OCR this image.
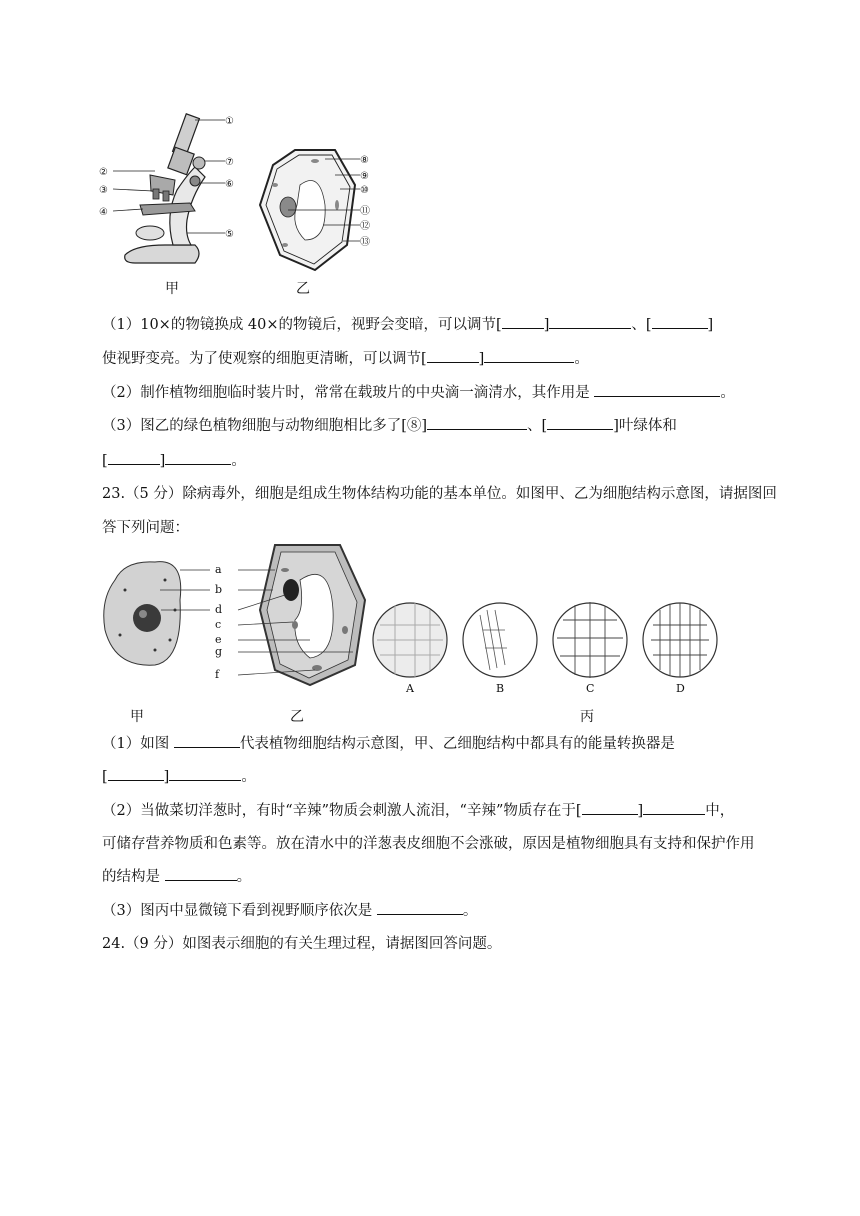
①
②
③
④
⑤
⑥
⑦
甲
⑧
⑨
⑩
⑪
⑫
⑬
乙
（1）10×的物镜换成 40×的物镜后，视野会变暗，可以调节[	]	、[	]
使视野变亮。为了使观察的细胞更清晰，可以调节[	]	。
（2）制作植物细胞临时装片时，常常在载玻片的中央滴一滴清水，其作用是	。
（3）图乙的绿色植物细胞与动物细胞相比多了[⑧]	、[	]叶绿体和
[	]	。
23.（5 分）除病毒外，细胞是组成生物体结构功能的基本单位。如图甲、乙为细胞结构示意图，请据图回
答下列问题：
a
b
d
c
e
g
f
A	B	C	D
甲	乙	丙
（1）如图	代表植物细胞结构示意图，甲、乙细胞结构中都具有的能量转换器是
[	]	。
（2）当做菜切洋葱时，有时“辛辣”物质会刺激人流泪，“辛辣”物质存在于[	]	中，
可储存营养物质和色素等。放在清水中的洋葱表皮细胞不会涨破，原因是植物细胞具有支持和保护作用
的结构是	。
（3）图丙中显微镜下看到视野顺序依次是	。
24.（9 分）如图表示细胞的有关生理过程，请据图回答问题。
